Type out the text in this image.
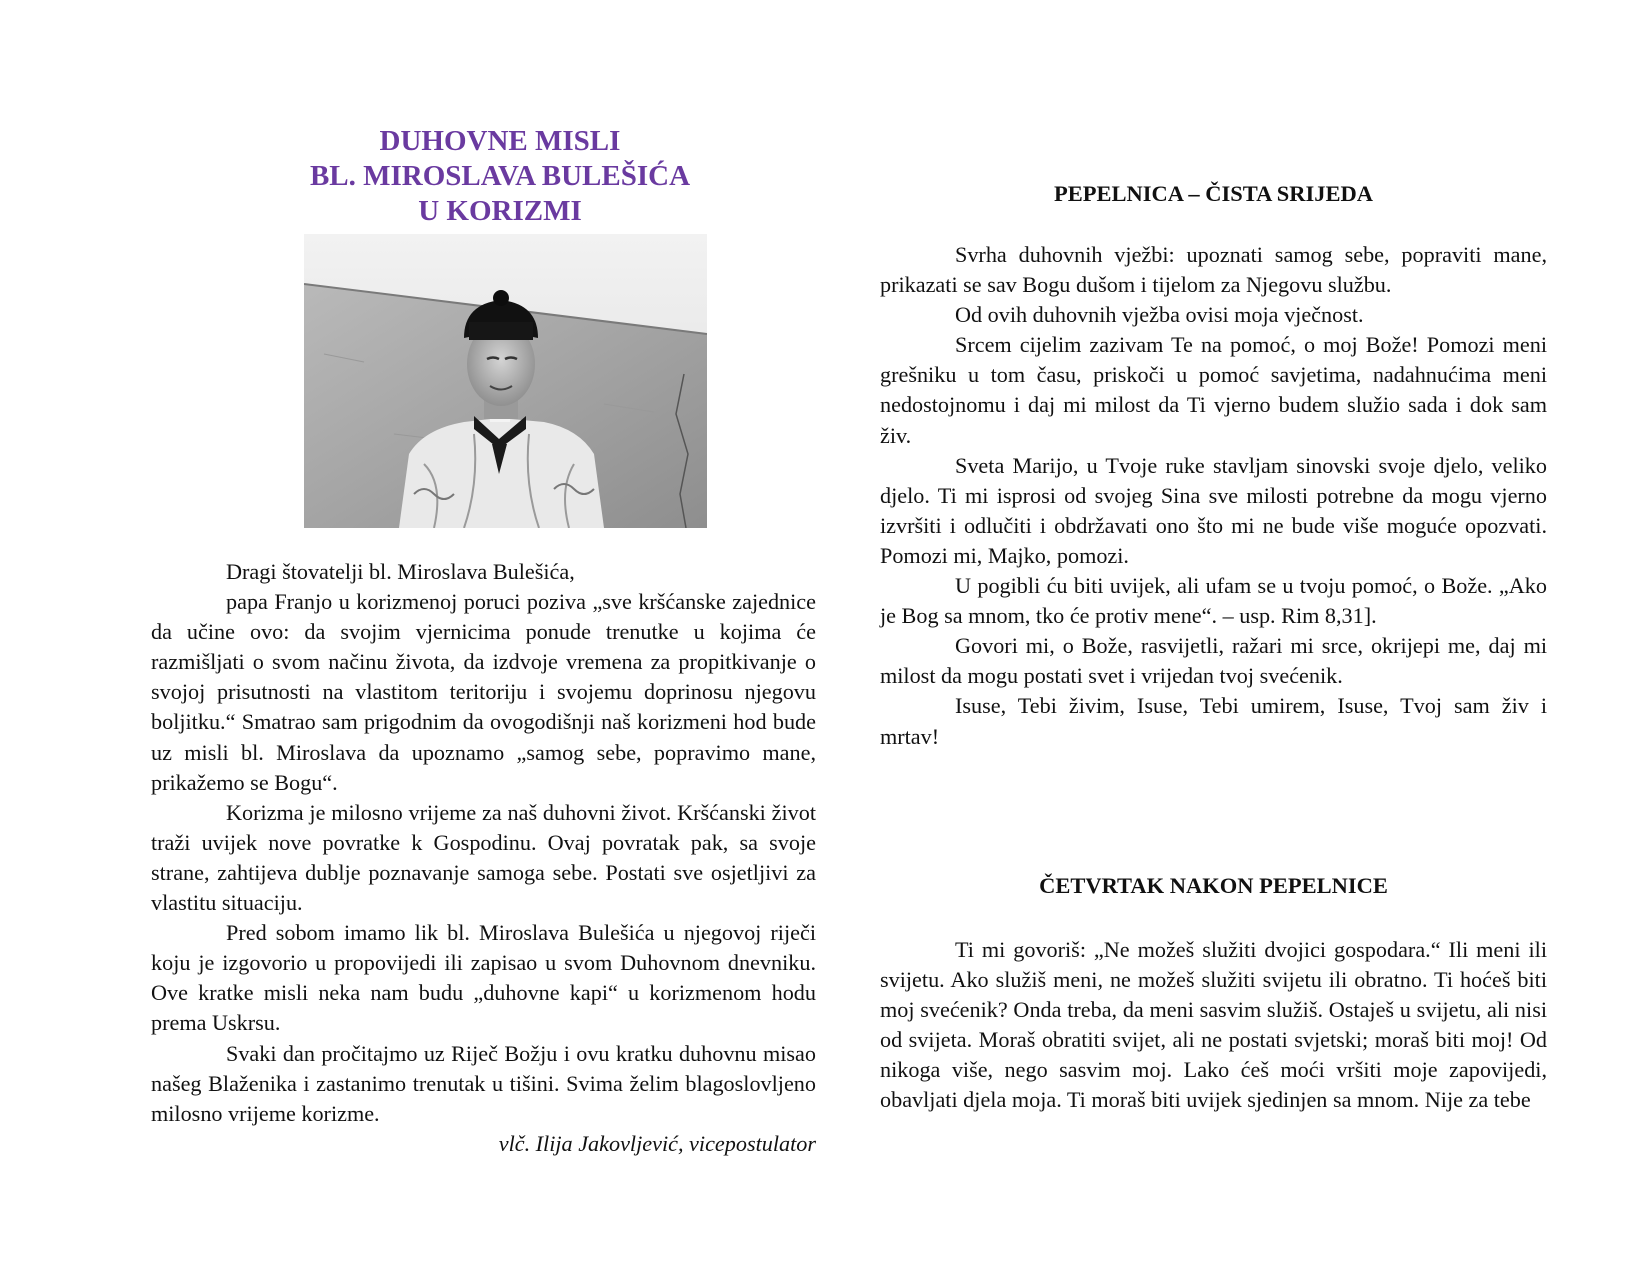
DUHOVNE MISLI
BL. MIROSLAVA BULEŠIĆA
U KORIZMI

Dragi štovatelji bl. Miroslava Bulešića,

papa Franjo u korizmenoj poruci poziva „sve kršćanske zajednice da učine ovo: da svojim vjernicima ponude trenutke u kojima će razmišljati o svom načinu života, da izdvoje vremena za propitkivanje o svojoj prisutnosti na vlastitom teritoriju i svojemu doprinosu njegovu boljitku.“ Smatrao sam prigodnim da ovogodišnji naš korizmeni hod bude uz misli bl. Miroslava da upoznamo „samog sebe, popravimo mane, prikažemo se Bogu“.

Korizma je milosno vrijeme za naš duhovni život. Kršćanski život traži uvijek nove povratke k Gospodinu. Ovaj povratak pak, sa svoje strane, zahtijeva dublje poznavanje samoga sebe. Postati sve osjetljivi za vlastitu situaciju.

Pred sobom imamo lik bl. Miroslava Bulešića u njegovoj riječi koju je izgovorio u propovijedi ili zapisao u svom Duhovnom dnevniku. Ove kratke misli neka nam budu „duhovne kapi“ u korizmenom hodu prema Uskrsu.

Svaki dan pročitajmo uz Riječ Božju i ovu kratku duhovnu misao našeg Blaženika i zastanimo trenutak u tišini. Svima želim blagoslovljeno milosno vrijeme korizme.

vlč. Ilija Jakovljević, vicepostulator

PEPELNICA – ČISTA SRIJEDA

Svrha duhovnih vježbi: upoznati samog sebe, popraviti mane, prikazati se sav Bogu dušom i tijelom za Njegovu službu.

Od ovih duhovnih vježba ovisi moja vječnost.

Srcem cijelim zazivam Te na pomoć, o moj Bože! Pomozi meni grešniku u tom času, priskoči u pomoć savjetima, nadahnućima meni nedostojnomu i daj mi milost da Ti vjerno budem služio sada i dok sam živ.

Sveta Marijo, u Tvoje ruke stavljam sinovski svoje djelo, veliko djelo. Ti mi isprosi od svojeg Sina sve milosti potrebne da mogu vjerno izvršiti i odlučiti i obdržavati ono što mi ne bude više moguće opozvati. Pomozi mi, Majko, pomozi.

U pogibli ću biti uvijek, ali ufam se u tvoju pomoć, o Bože. „Ako je Bog sa mnom, tko će protiv mene“. – usp. Rim 8,31].

Govori mi, o Bože, rasvijetli, ražari mi srce, okrijepi me, daj mi milost da mogu postati svet i vrijedan tvoj svećenik.

Isuse, Tebi živim, Isuse, Tebi umirem, Isuse, Tvoj sam živ i mrtav!

ČETVRTAK NAKON PEPELNICE

Ti mi govoriš: „Ne možeš služiti dvojici gospodara.“ Ili meni ili svijetu. Ako služiš meni, ne možeš služiti svijetu ili obratno. Ti hoćeš biti moj svećenik? Onda treba, da meni sasvim služiš. Ostaješ u svijetu, ali nisi od svijeta. Moraš obratiti svijet, ali ne postati svjetski; moraš biti moj! Od nikoga više, nego sasvim moj. Lako ćeš moći vršiti moje zapovijedi, obavljati djela moja. Ti moraš biti uvijek sjedinjen sa mnom. Nije za tebe
